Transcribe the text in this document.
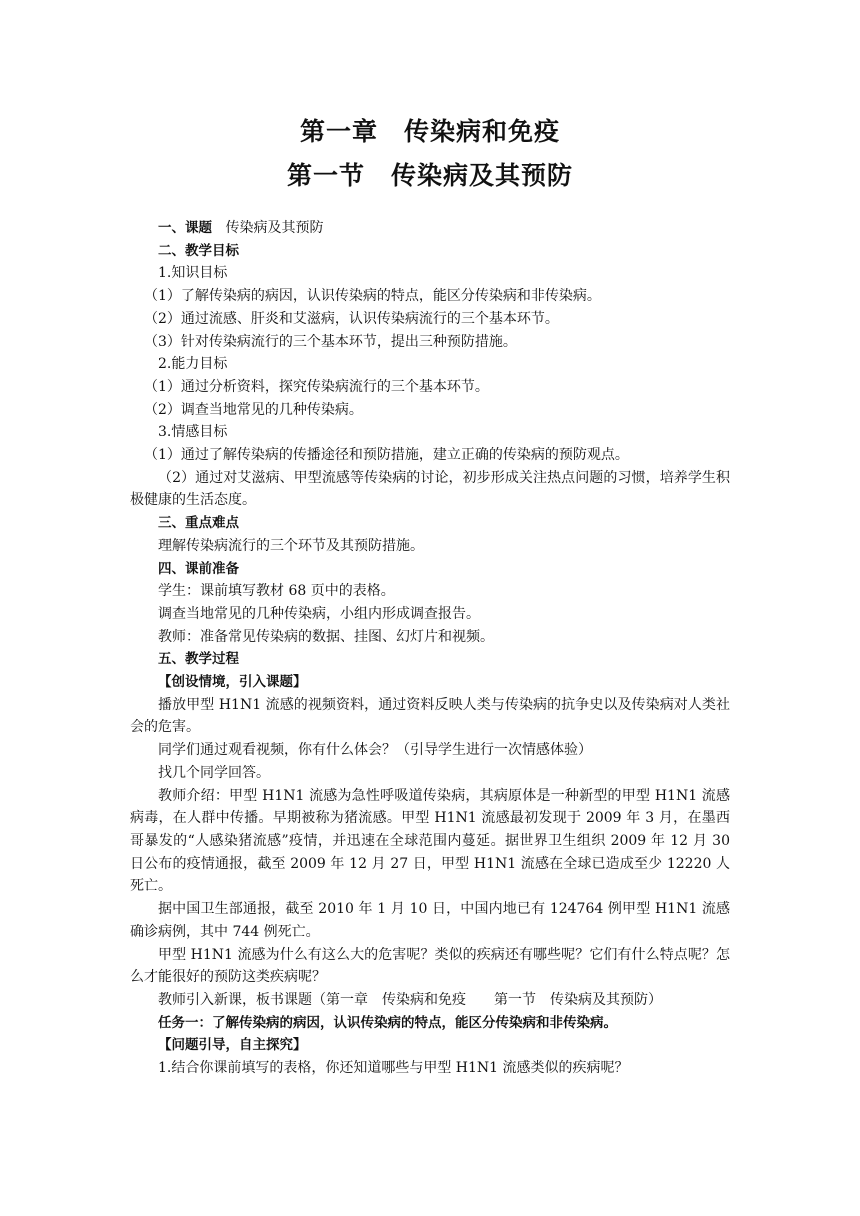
第一章　传染病和免疫
第一节　传染病及其预防
一、课题　传染病及其预防
二、教学目标
1.知识目标
（1）了解传染病的病因，认识传染病的特点，能区分传染病和非传染病。
（2）通过流感、肝炎和艾滋病，认识传染病流行的三个基本环节。
（3）针对传染病流行的三个基本环节，提出三种预防措施。
2.能力目标
（1）通过分析资料，探究传染病流行的三个基本环节。
（2）调查当地常见的几种传染病。
3.情感目标
（1）通过了解传染病的传播途径和预防措施，建立正确的传染病的预防观点。
（2）通过对艾滋病、甲型流感等传染病的讨论，初步形成关注热点问题的习惯，培养学生积极健康的生活态度。
三、重点难点
理解传染病流行的三个环节及其预防措施。
四、课前准备
学生：课前填写教材 68 页中的表格。
调查当地常见的几种传染病，小组内形成调查报告。
教师：准备常见传染病的数据、挂图、幻灯片和视频。
五、教学过程
【创设情境，引入课题】
播放甲型 H1N1 流感的视频资料，通过资料反映人类与传染病的抗争史以及传染病对人类社会的危害。
同学们通过观看视频，你有什么体会？（引导学生进行一次情感体验）
找几个同学回答。
教师介绍：甲型 H1N1 流感为急性呼吸道传染病，其病原体是一种新型的甲型 H1N1 流感病毒，在人群中传播。早期被称为猪流感。甲型 H1N1 流感最初发现于 2009 年 3 月，在墨西哥暴发的“人感染猪流感”疫情，并迅速在全球范围内蔓延。据世界卫生组织 2009 年 12 月 30 日公布的疫情通报，截至 2009 年 12 月 27 日，甲型 H1N1 流感在全球已造成至少 12220 人死亡。
据中国卫生部通报，截至 2010 年 1 月 10 日，中国内地已有 124764 例甲型 H1N1 流感确诊病例，其中 744 例死亡。
甲型 H1N1 流感为什么有这么大的危害呢？类似的疾病还有哪些呢？它们有什么特点呢？怎么才能很好的预防这类疾病呢？
教师引入新课，板书课题（第一章　传染病和免疫　　第一节　传染病及其预防）
任务一：了解传染病的病因，认识传染病的特点，能区分传染病和非传染病。
【问题引导，自主探究】
1.结合你课前填写的表格，你还知道哪些与甲型 H1N1 流感类似的疾病呢？
